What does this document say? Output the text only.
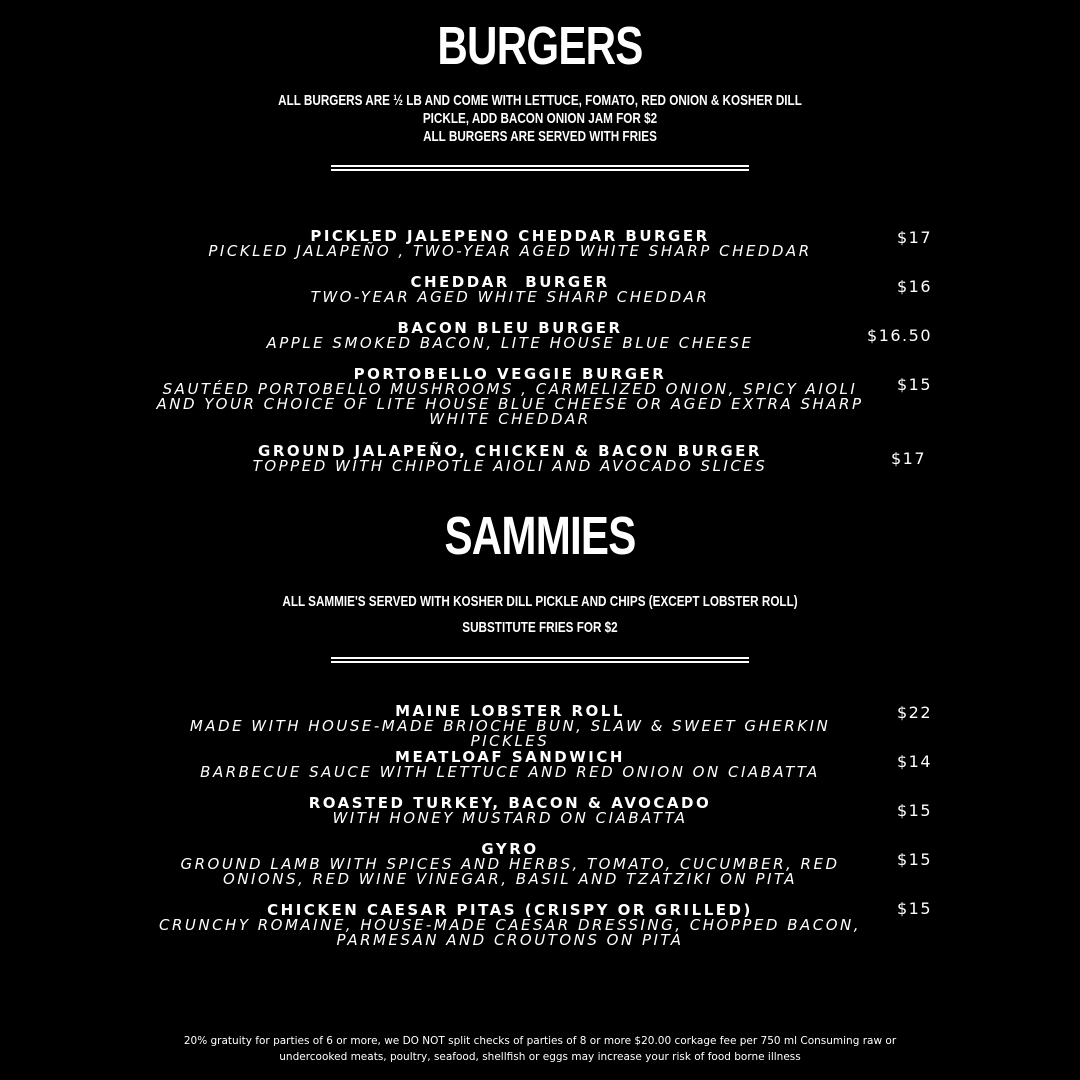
BURGERS
ALL BURGERS ARE ½ LB AND COME WITH LETTUCE, FOMATO, RED ONION & KOSHER DILL
PICKLE, ADD BACON ONION JAM FOR $2
ALL BURGERS ARE SERVED WITH FRIES
PICKLED JALEPENO CHEDDAR BURGER
PICKLED JALAPEÑO , TWO-YEAR AGED WHITE SHARP CHEDDAR
$17
CHEDDAR  BURGER
TWO-YEAR AGED WHITE SHARP CHEDDAR
$16
BACON BLEU BURGER
APPLE SMOKED BACON, LITE HOUSE BLUE CHEESE	$16.50
PORTOBELLO VEGGIE BURGER
SAUTÉED PORTOBELLO MUSHROOMS , CARMELIZED ONION, SPICY AIOLI
AND YOUR CHOICE OF LITE HOUSE BLUE CHEESE OR AGED EXTRA SHARP
WHITE CHEDDAR
$15
GROUND JALAPEÑO, CHICKEN & BACON BURGER
TOPPED WITH CHIPOTLE AIOLI AND AVOCADO SLICES	$17
SAMMIES
ALL SAMMIE'S SERVED WITH KOSHER DILL PICKLE AND CHIPS (EXCEPT LOBSTER ROLL)
SUBSTITUTE FRIES FOR $2
MAINE LOBSTER ROLL
MADE WITH HOUSE-MADE BRIOCHE BUN, SLAW & SWEET GHERKIN PICKLES
$22
MEATLOAF SANDWICH
BARBECUE SAUCE WITH LETTUCE AND RED ONION ON CIABATTA
$14
ROASTED TURKEY, BACON & AVOCADO
WITH HONEY MUSTARD ON CIABATTA	$15
GYRO
GROUND LAMB WITH SPICES AND HERBS, TOMATO, CUCUMBER, RED
ONIONS, RED WINE VINEGAR, BASIL AND TZATZIKI ON PITA
$15
CHICKEN CAESAR PITAS (CRISPY OR GRILLED)
CRUNCHY ROMAINE, HOUSE-MADE CAESAR DRESSING, CHOPPED BACON,
PARMESAN AND CROUTONS ON PITA
$15
20% gratuity for parties of 6 or more, we DO NOT split checks of parties of 8 or more $20.00 corkage fee per 750 ml Consuming raw or
undercooked meats, poultry, seafood, shellfish or eggs may increase your risk of food borne illness
